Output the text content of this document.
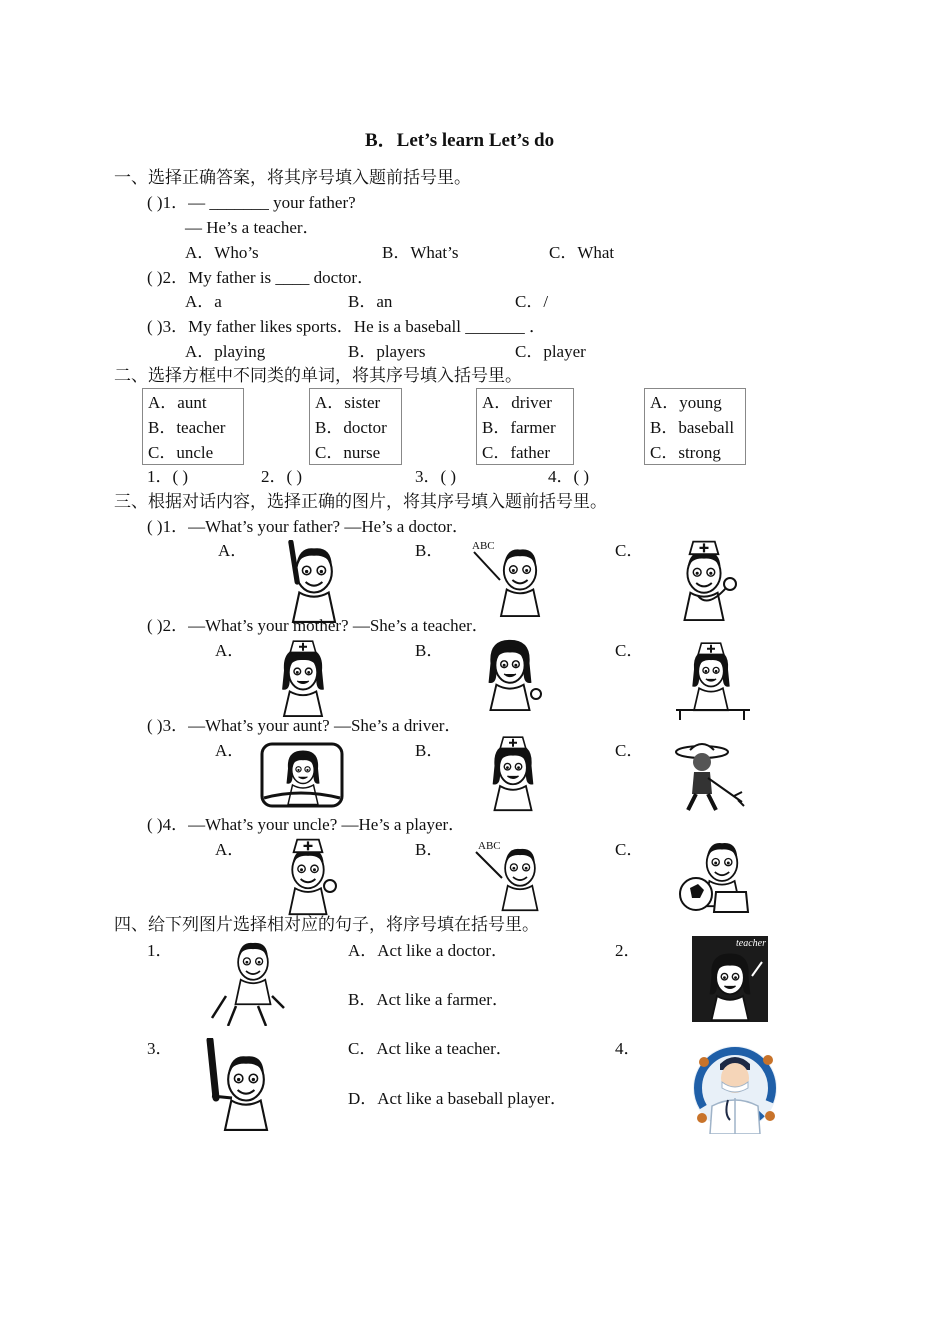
B．Let’s learn Let’s do
一、选择正确答案，将其序号填入题前括号里。
( )1．— _______ your father?
— He’s a teacher．
A．Who’s	B．What’s	C．What
( )2．My father is ____ doctor．
A．a	B．an	C．/
( )3．My father likes sports．He is a baseball _______ ．
A．playing	B．players	C．player
二、选择方框中不同类的单词，将其序号填入括号里。
A．aunt
B．teacher
C．uncle
A．sister
B．doctor
C．nurse
A．driver
B．farmer
C．father
A．young
B．baseball
C．strong
1．( )	2．( )	3．( )	4．( )
三、根据对话内容，选择正确的图片，将其序号填入题前括号里。
( )1．—What’s your father? —He’s a doctor．
A．	B．	C．
ABC
( )2．—What’s your mother? —She’s a teacher．
A．	B．	C．
( )3．—What’s your aunt? —She’s a driver．
A．	B．	C．
( )4．—What’s your uncle? —He’s a player．
A．	B．	C．
ABC
四、给下列图片选择相对应的句子，将序号填在括号里。
1．	2．
3．	4．
A．Act like a doctor．
B．Act like a farmer．
C．Act like a teacher．
D．Act like a baseball player．
teacher
